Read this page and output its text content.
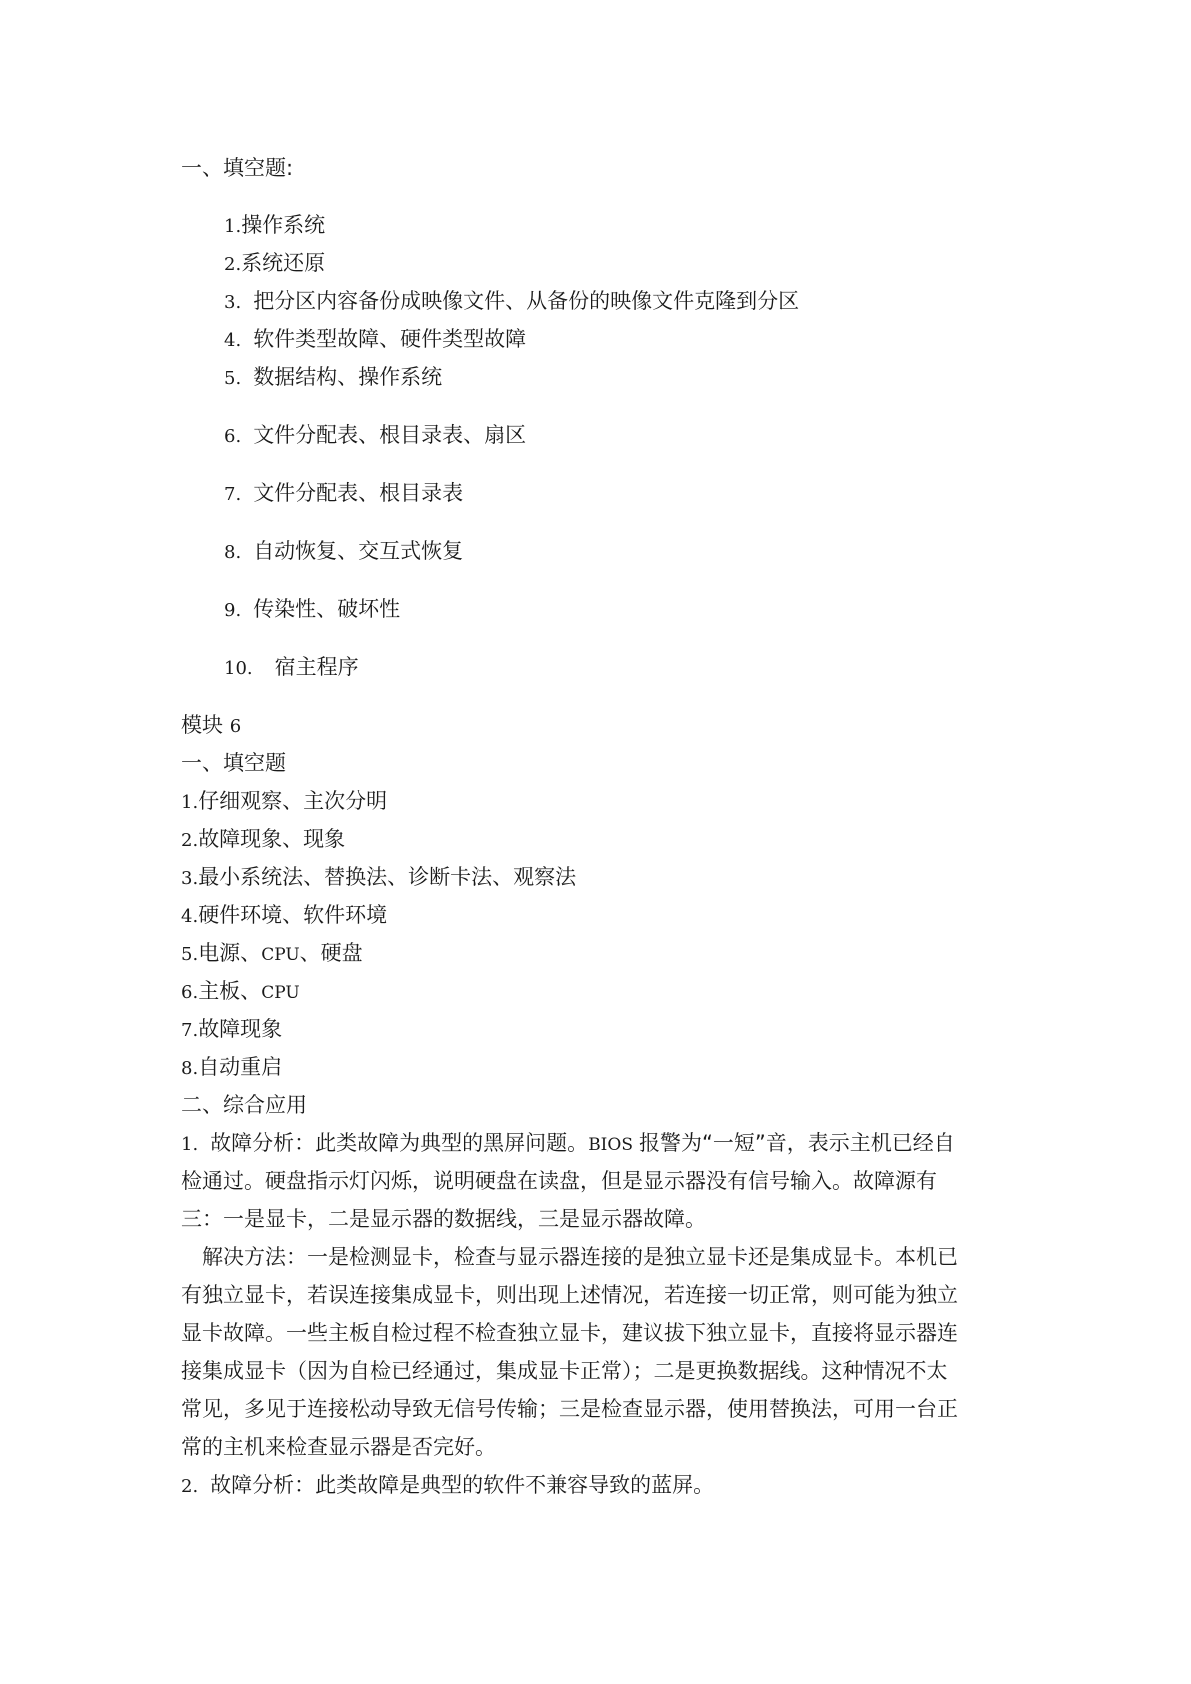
一、填空题:
1.操作系统
2.系统还原
3. 把分区内容备份成映像文件、从备份的映像文件克隆到分区
4. 软件类型故障、硬件类型故障
5. 数据结构、操作系统
6. 文件分配表、根目录表、扇区
7. 文件分配表、根目录表
8. 自动恢复、交互式恢复
9. 传染性、破坏性
10. 宿主程序
模块 6
一、填空题
1.仔细观察、主次分明
2.故障现象、现象
3.最小系统法、替换法、诊断卡法、观察法
4.硬件环境、软件环境
5.电源、CPU、硬盘
6.主板、CPU
7.故障现象
8.自动重启
二、综合应用
1. 故障分析：此类故障为典型的黑屏问题。BIOS 报警为“一短”音，表示主机已经自
检通过。硬盘指示灯闪烁，说明硬盘在读盘，但是显示器没有信号输入。故障源有
三：一是显卡，二是显示器的数据线，三是显示器故障。
解决方法：一是检测显卡，检查与显示器连接的是独立显卡还是集成显卡。本机已
有独立显卡，若误连接集成显卡，则出现上述情况，若连接一切正常，则可能为独立
显卡故障。一些主板自检过程不检查独立显卡，建议拔下独立显卡，直接将显示器连
接集成显卡（因为自检已经通过，集成显卡正常）；二是更换数据线。这种情况不太
常见，多见于连接松动导致无信号传输；三是检查显示器，使用替换法，可用一台正
常的主机来检查显示器是否完好。
2. 故障分析：此类故障是典型的软件不兼容导致的蓝屏。
